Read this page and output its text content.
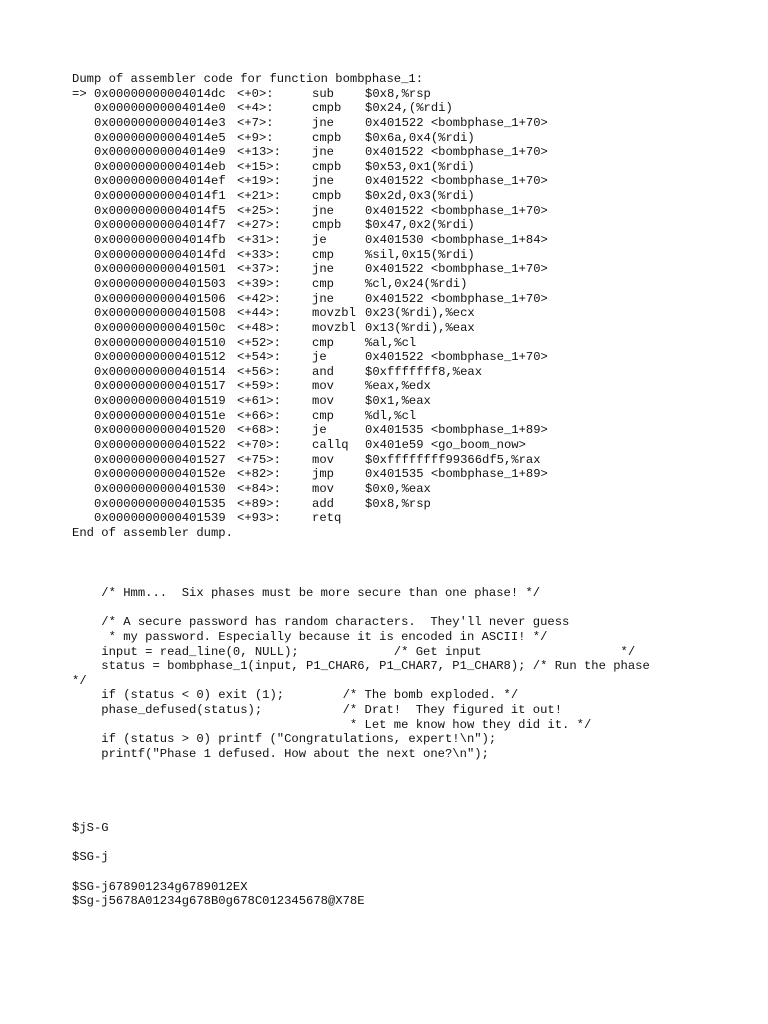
Dump of assembler code for function bombphase_1:
=> 0x00000000004014dc <+0>:	sub	$0x8,%rsp
0x00000000004014e0 <+4>:	cmpb $0x24,(%rdi)
0x00000000004014e3 <+7>:	jne	0x401522 <bombphase_1+70>
0x00000000004014e5 <+9>:	cmpb $0x6a,0x4(%rdi)
0x00000000004014e9 <+13>:	jne	0x401522 <bombphase_1+70>
0x00000000004014eb <+15>:	cmpb $0x53,0x1(%rdi)
0x00000000004014ef <+19>:	jne	0x401522 <bombphase_1+70>
0x00000000004014f1 <+21>:	cmpb $0x2d,0x3(%rdi)
0x00000000004014f5 <+25>:	jne	0x401522 <bombphase_1+70>
0x00000000004014f7 <+27>:	cmpb $0x47,0x2(%rdi)
0x00000000004014fb <+31>:	je	0x401530 <bombphase_1+84>
0x00000000004014fd <+33>:	cmp	%sil,0x15(%rdi)
0x0000000000401501 <+37>:	jne	0x401522 <bombphase_1+70>
0x0000000000401503 <+39>:	cmp	%cl,0x24(%rdi)
0x0000000000401506 <+42>:	jne	0x401522 <bombphase_1+70>
0x0000000000401508 <+44>:	movzbl 0x23(%rdi),%ecx
0x000000000040150c <+48>:	movzbl 0x13(%rdi),%eax
0x0000000000401510 <+52>:	cmp	%al,%cl
0x0000000000401512 <+54>:	je	0x401522 <bombphase_1+70>
0x0000000000401514 <+56>:	and	$0xfffffff8,%eax
0x0000000000401517 <+59>:	mov	%eax,%edx
0x0000000000401519 <+61>:	mov	$0x1,%eax
0x000000000040151e <+66>:	cmp	%dl,%cl
0x0000000000401520 <+68>:	je	0x401535 <bombphase_1+89>
0x0000000000401522 <+70>:	callq 0x401e59 <go_boom_now>
0x0000000000401527 <+75>:	mov	$0xffffffff99366df5,%rax
0x000000000040152e <+82>:	jmp	0x401535 <bombphase_1+89>
0x0000000000401530 <+84>:	mov	$0x0,%eax
0x0000000000401535 <+89>:	add	$0x8,%rsp
0x0000000000401539 <+93>:	retq
End of assembler dump.
/* Hmm...  Six phases must be more secure than one phase! */
/* A secure password has random characters.  They'll never guess
* my password. Especially because it is encoded in ASCII! */
input = read_line(0, NULL);             /* Get input                   */
status = bombphase_1(input, P1_CHAR6, P1_CHAR7, P1_CHAR8); /* Run the phase
*/
if (status < 0) exit (1);        /* The bomb exploded. */
phase_defused(status);           /* Drat!  They figured it out!
* Let me know how they did it. */
if (status > 0) printf ("Congratulations, expert!\n");
printf("Phase 1 defused. How about the next one?\n");
$jS-G
$SG-j
$SG-j678901234g6789012EX
$Sg-j5678A01234g678B0g678C012345678@X78E
